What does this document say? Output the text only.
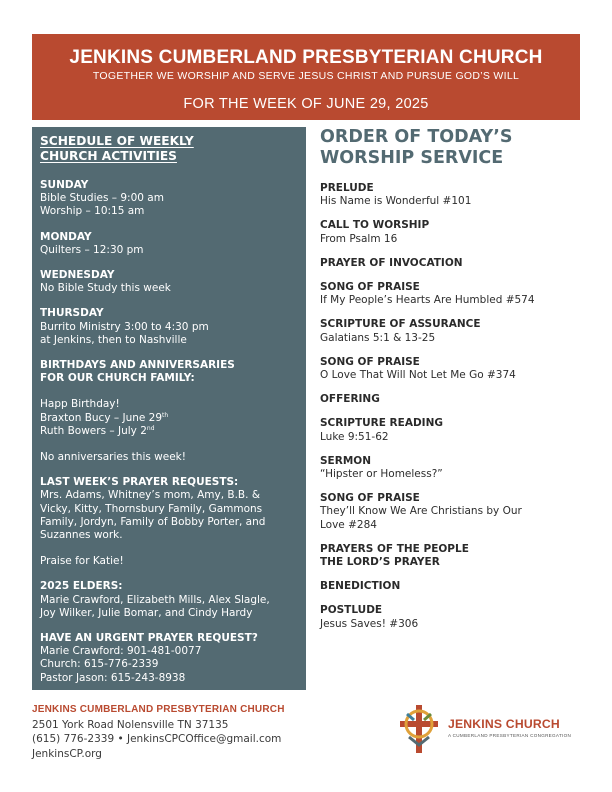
JENKINS CUMBERLAND PRESBYTERIAN CHURCH
TOGETHER WE WORSHIP AND SERVE JESUS CHRIST AND PURSUE GOD’S WILL
FOR THE WEEK OF JUNE 29, 2025
SCHEDULE OF WEEKLY
CHURCH ACTIVITIES
SUNDAY
Bible Studies – 9:00 am
Worship – 10:15 am
MONDAY
Quilters – 12:30 pm
WEDNESDAY
No Bible Study this week
THURSDAY
Burrito Ministry 3:00 to 4:30 pm
at Jenkins, then to Nashville
BIRTHDAYS AND ANNIVERSARIES
FOR OUR CHURCH FAMILY:
Happ Birthday!
Braxton Bucy – June 29th
Ruth Bowers – July 2nd
No anniversaries this week!
LAST WEEK’S PRAYER REQUESTS:
Mrs. Adams, Whitney’s mom, Amy, B.B. &
Vicky, Kitty, Thornsbury Family, Gammons
Family, Jordyn, Family of Bobby Porter, and
Suzannes work.
Praise for Katie!
2025 ELDERS:
Marie Crawford, Elizabeth Mills, Alex Slagle,
Joy Wilker, Julie Bomar, and Cindy Hardy
HAVE AN URGENT PRAYER REQUEST?
Marie Crawford: 901-481-0077
Church: 615-776-2339
Pastor Jason: 615-243-8938
ORDER OF TODAY’S
WORSHIP SERVICE
PRELUDE
His Name is Wonderful #101
CALL TO WORSHIP
From Psalm 16
PRAYER OF INVOCATION
SONG OF PRAISE
If My People’s Hearts Are Humbled #574
SCRIPTURE OF ASSURANCE
Galatians 5:1 & 13-25
SONG OF PRAISE
O Love That Will Not Let Me Go #374
OFFERING
SCRIPTURE READING
Luke 9:51-62
SERMON
“Hipster or Homeless?”
SONG OF PRAISE
They’ll Know We Are Christians by Our
Love #284
PRAYERS OF THE PEOPLE
THE LORD’S PRAYER
BENEDICTION
POSTLUDE
Jesus Saves! #306
JENKINS CUMBERLAND PRESBYTERIAN CHURCH
2501 York Road Nolensville TN 37135
(615) 776-2339 • JenkinsCPCOffice@gmail.com
JenkinsCP.org
JENKINS CHURCH
A CUMBERLAND PRESBYTERIAN CONGREGATION
